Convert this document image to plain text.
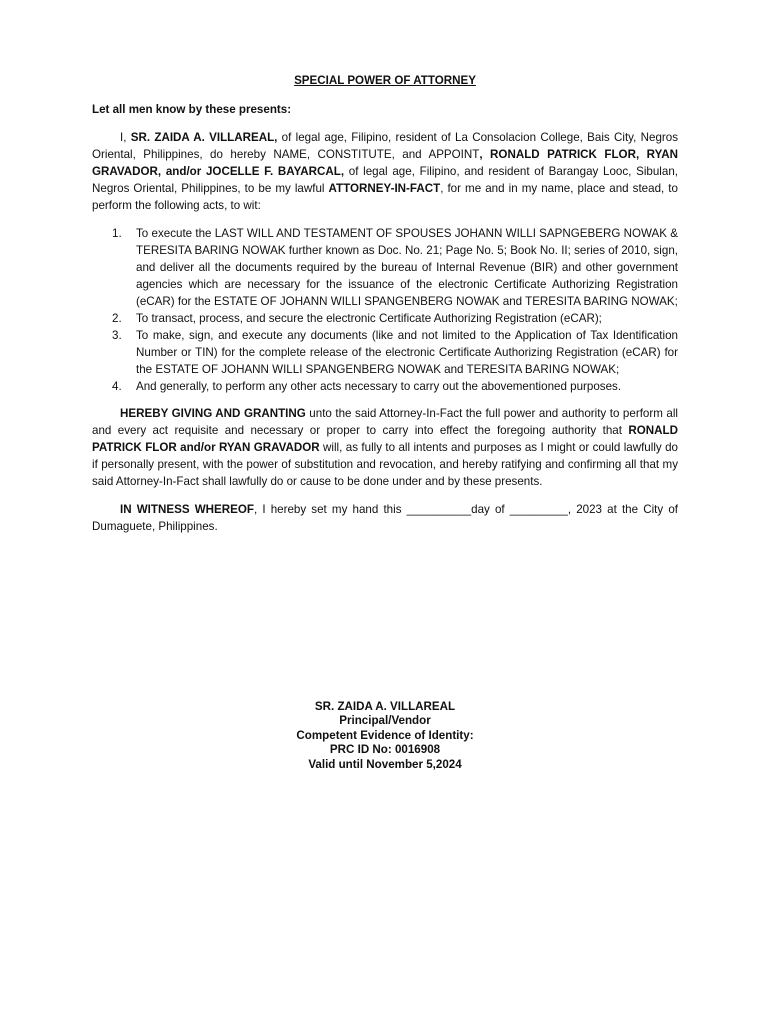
SPECIAL POWER OF ATTORNEY

Let all men know by these presents:

I, SR. ZAIDA A. VILLAREAL, of legal age, Filipino, resident of La Consolacion College, Bais City, Negros Oriental, Philippines, do hereby NAME, CONSTITUTE, and APPOINT, RONALD PATRICK FLOR, RYAN GRAVADOR, and/or JOCELLE F. BAYARCAL, of legal age, Filipino, and resident of Barangay Looc, Sibulan, Negros Oriental, Philippines, to be my lawful ATTORNEY-IN-FACT, for me and in my name, place and stead, to perform the following acts, to wit:

1. To execute the LAST WILL AND TESTAMENT OF SPOUSES JOHANN WILLI SAPNGEBERG NOWAK & TERESITA BARING NOWAK further known as Doc. No. 21; Page No. 5; Book No. II; series of 2010, sign, and deliver all the documents required by the bureau of Internal Revenue (BIR) and other government agencies which are necessary for the issuance of the electronic Certificate Authorizing Registration (eCAR) for the ESTATE OF JOHANN WILLI SPANGENBERG NOWAK and TERESITA BARING NOWAK;
2. To transact, process, and secure the electronic Certificate Authorizing Registration (eCAR);
3. To make, sign, and execute any documents (like and not limited to the Application of Tax Identification Number or TIN) for the complete release of the electronic Certificate Authorizing Registration (eCAR) for the ESTATE OF JOHANN WILLI SPANGENBERG NOWAK and TERESITA BARING NOWAK;
4. And generally, to perform any other acts necessary to carry out the abovementioned purposes.

HEREBY GIVING AND GRANTING unto the said Attorney-In-Fact the full power and authority to perform all and every act requisite and necessary or proper to carry into effect the foregoing authority that RONALD PATRICK FLOR and/or RYAN GRAVADOR will, as fully to all intents and purposes as I might or could lawfully do if personally present, with the power of substitution and revocation, and hereby ratifying and confirming all that my said Attorney-In-Fact shall lawfully do or cause to be done under and by these presents.

IN WITNESS WHEREOF, I hereby set my hand this __________day of _________, 2023 at the City of Dumaguete, Philippines.

SR. ZAIDA A. VILLAREAL
Principal/Vendor
Competent Evidence of Identity:
PRC ID No: 0016908
Valid until November 5,2024
